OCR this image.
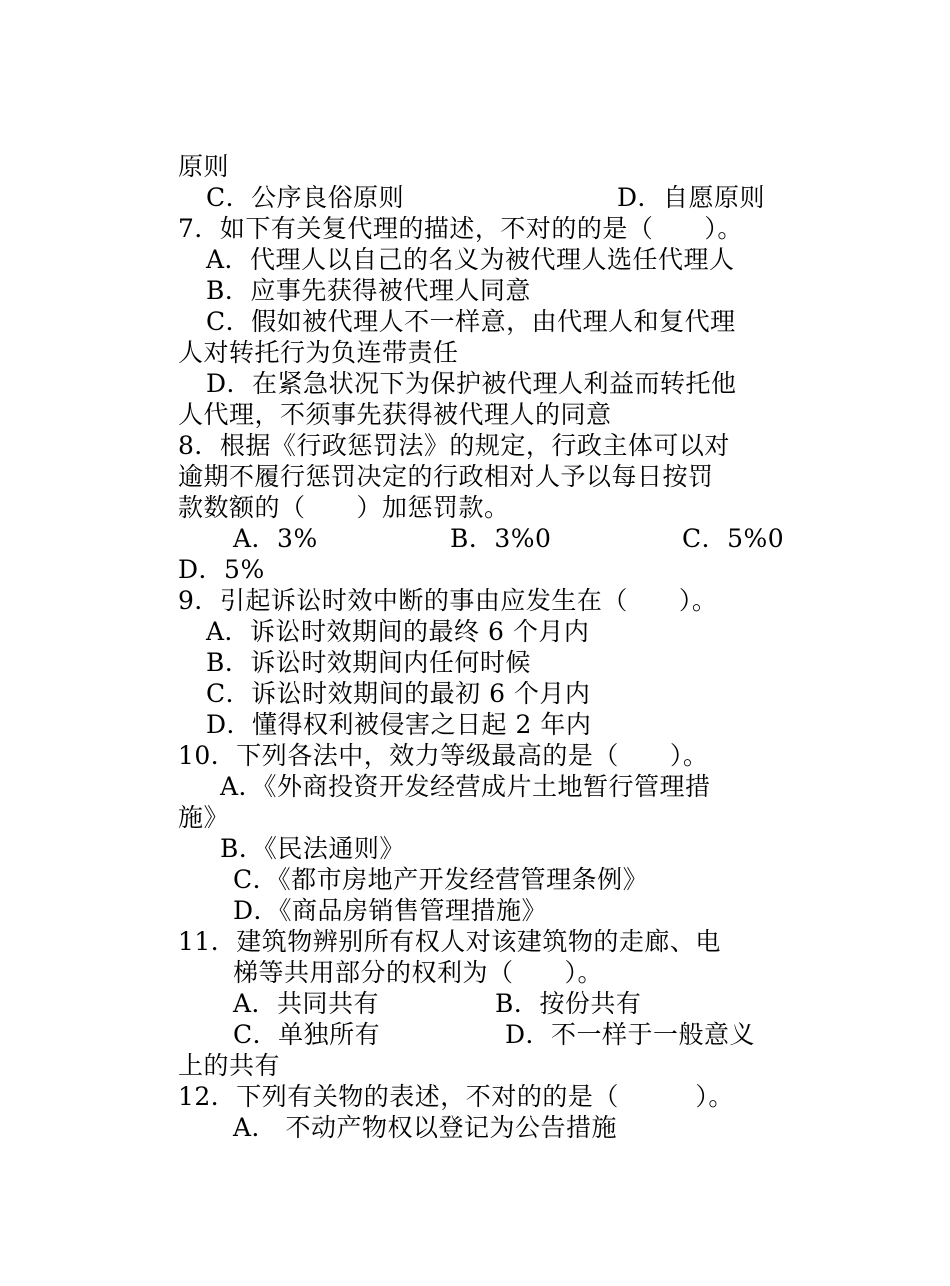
原则
C．公序良俗原则	D．自愿原则
7．如下有关复代理的描述，不对的的是（　　）。
A．代理人以自己的名义为被代理人选任代理人
B．应事先获得被代理人同意
C．假如被代理人不一样意，由代理人和复代理
人对转托行为负连带责任
D．在紧急状况下为保护被代理人利益而转托他
人代理，不须事先获得被代理人的同意
8．根据《行政惩罚法》的规定，行政主体可以对
逾期不履行惩罚决定的行政相对人予以每日按罚
款数额的（　　）加惩罚款。
A．3%	B．3%0	C．5%0
D．5%
9．引起诉讼时效中断的事由应发生在（　　）。
A．诉讼时效期间的最终 6 个月内
B．诉讼时效期间内任何时候
C．诉讼时效期间的最初 6 个月内
D．懂得权利被侵害之日起 2 年内
10．下列各法中，效力等级最高的是（　　）。
A．《外商投资开发经营成片土地暂行管理措
施》
B．《民法通则》
C．《都市房地产开发经营管理条例》
D．《商品房销售管理措施》
11．建筑物辨别所有权人对该建筑物的走廊、电
梯等共用部分的权利为（　　）。
A．共同共有	B．按份共有
C．单独所有	D．不一样于一般意义
上的共有
12．下列有关物的表述，不对的的是（　　　）。
A． 不动产物权以登记为公告措施
